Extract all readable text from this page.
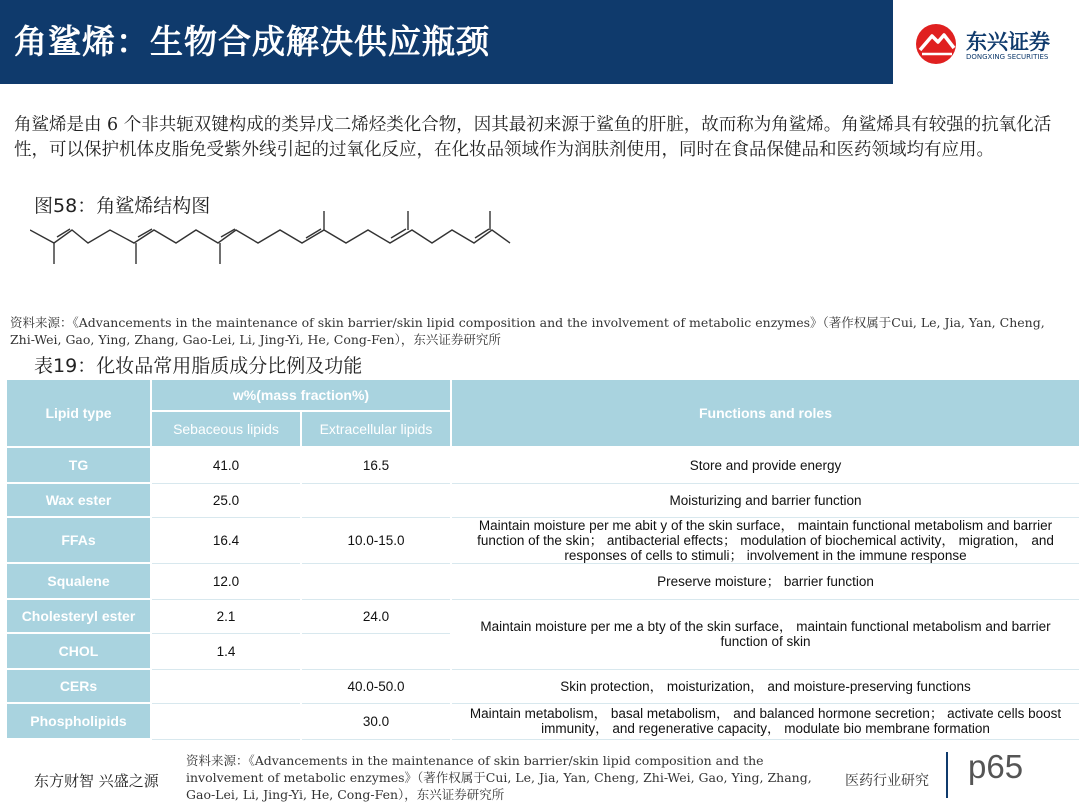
角鲨烯：生物合成解决供应瓶颈	东兴证券
DONGXING SECURITIES
角鲨烯是由 6 个非共轭双键构成的类异戊二烯烃类化合物，因其最初来源于鲨鱼的肝脏，故而称为角鲨烯。角鲨烯具有较强的抗氧化活性，可以保护机体皮脂免受紫外线引起的过氧化反应，在化妆品领域作为润肤剂使用，同时在食品保健品和医药领域均有应用。
图58：角鲨烯结构图
资料来源：《Advancements in the maintenance of skin barrier/skin lipid composition and the involvement of metabolic enzymes》（著作权属于Cui, Le, Jia, Yan, Cheng, Zhi-Wei, Gao, Ying, Zhang, Gao-Lei, Li, Jing-Yi, He, Cong-Fen），东兴证券研究所
表19：化妆品常用脂质成分比例及功能
Lipid type	w%(mass fraction%)		Functions and roles
	Sebaceous lipids	Extracellular lipids	
TG	41.0	16.5	Store and provide energy
Wax ester	25.0		Moisturizing and barrier function
FFAs	16.4	10.0-15.0	Maintain moisture per me abit y of the skin surface， maintain functional metabolism and barrier function of the skin； antibacterial effects； modulation of biochemical activity， migration， and responses of cells to stimuli； involvement in the immune response
Squalene	12.0		Preserve moisture； barrier function
Cholesteryl ester	2.1	24.0	Maintain moisture per me a bty of the skin surface， maintain functional metabolism and barrier function of skin
CHOL	1.4		
CERs		40.0-50.0	Skin protection， moisturization， and moisture-preserving functions
Phospholipids		30.0	Maintain metabolism， basal metabolism， and balanced hormone secretion； activate cells boost immunity， and regenerative capacity， modulate bio membrane formation
东方财智 兴盛之源
资料来源：《Advancements in the maintenance of skin barrier/skin lipid composition and the involvement of metabolic enzymes》（著作权属于Cui, Le, Jia, Yan, Cheng, Zhi-Wei, Gao, Ying, Zhang, Gao-Lei, Li, Jing-Yi, He, Cong-Fen），东兴证券研究所
医药行业研究 p65
